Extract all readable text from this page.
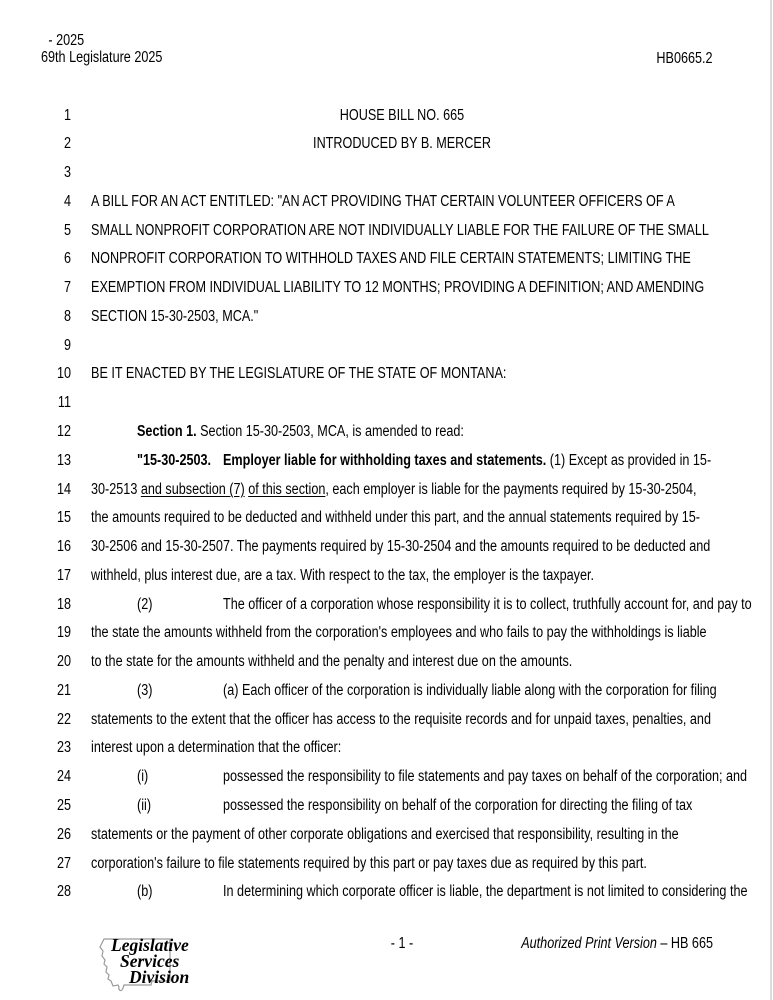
- 2025
69th Legislature 2025	HB0665.2
1	HOUSE BILL NO. 665
2	INTRODUCED BY B. MERCER
3
4 A BILL FOR AN ACT ENTITLED: "AN ACT PROVIDING THAT CERTAIN VOLUNTEER OFFICERS OF A
5 SMALL NONPROFIT CORPORATION ARE NOT INDIVIDUALLY LIABLE FOR THE FAILURE OF THE SMALL
6 NONPROFIT CORPORATION TO WITHHOLD TAXES AND FILE CERTAIN STATEMENTS; LIMITING THE
7 EXEMPTION FROM INDIVIDUAL LIABILITY TO 12 MONTHS; PROVIDING A DEFINITION; AND AMENDING
8 SECTION 15-30-2503, MCA."
9
10 BE IT ENACTED BY THE LEGISLATURE OF THE STATE OF MONTANA:
11
12	Section 1. Section 15-30-2503, MCA, is amended to read:
13	"15-30-2503. Employer liable for withholding taxes and statements. (1) Except as provided in 15-
14 30-2513 and subsection (7) of this section, each employer is liable for the payments required by 15-30-2504,
15 the amounts required to be deducted and withheld under this part, and the annual statements required by 15-
16 30-2506 and 15-30-2507. The payments required by 15-30-2504 and the amounts required to be deducted and
17 withheld, plus interest due, are a tax. With respect to the tax, the employer is the taxpayer.
18	(2)	The officer of a corporation whose responsibility it is to collect, truthfully account for, and pay to
19 the state the amounts withheld from the corporation's employees and who fails to pay the withholdings is liable
20 to the state for the amounts withheld and the penalty and interest due on the amounts.
21	(3)	(a) Each officer of the corporation is individually liable along with the corporation for filing
22 statements to the extent that the officer has access to the requisite records and for unpaid taxes, penalties, and
23 interest upon a determination that the officer:
24	(i)	possessed the responsibility to file statements and pay taxes on behalf of the corporation; and
25	(ii)	possessed the responsibility on behalf of the corporation for directing the filing of tax
26 statements or the payment of other corporate obligations and exercised that responsibility, resulting in the
27 corporation's failure to file statements required by this part or pay taxes due as required by this part.
28	(b)	In determining which corporate officer is liable, the department is not limited to considering the
- 1 -	Authorized Print Version – HB 665
Legislative
Services
Division
